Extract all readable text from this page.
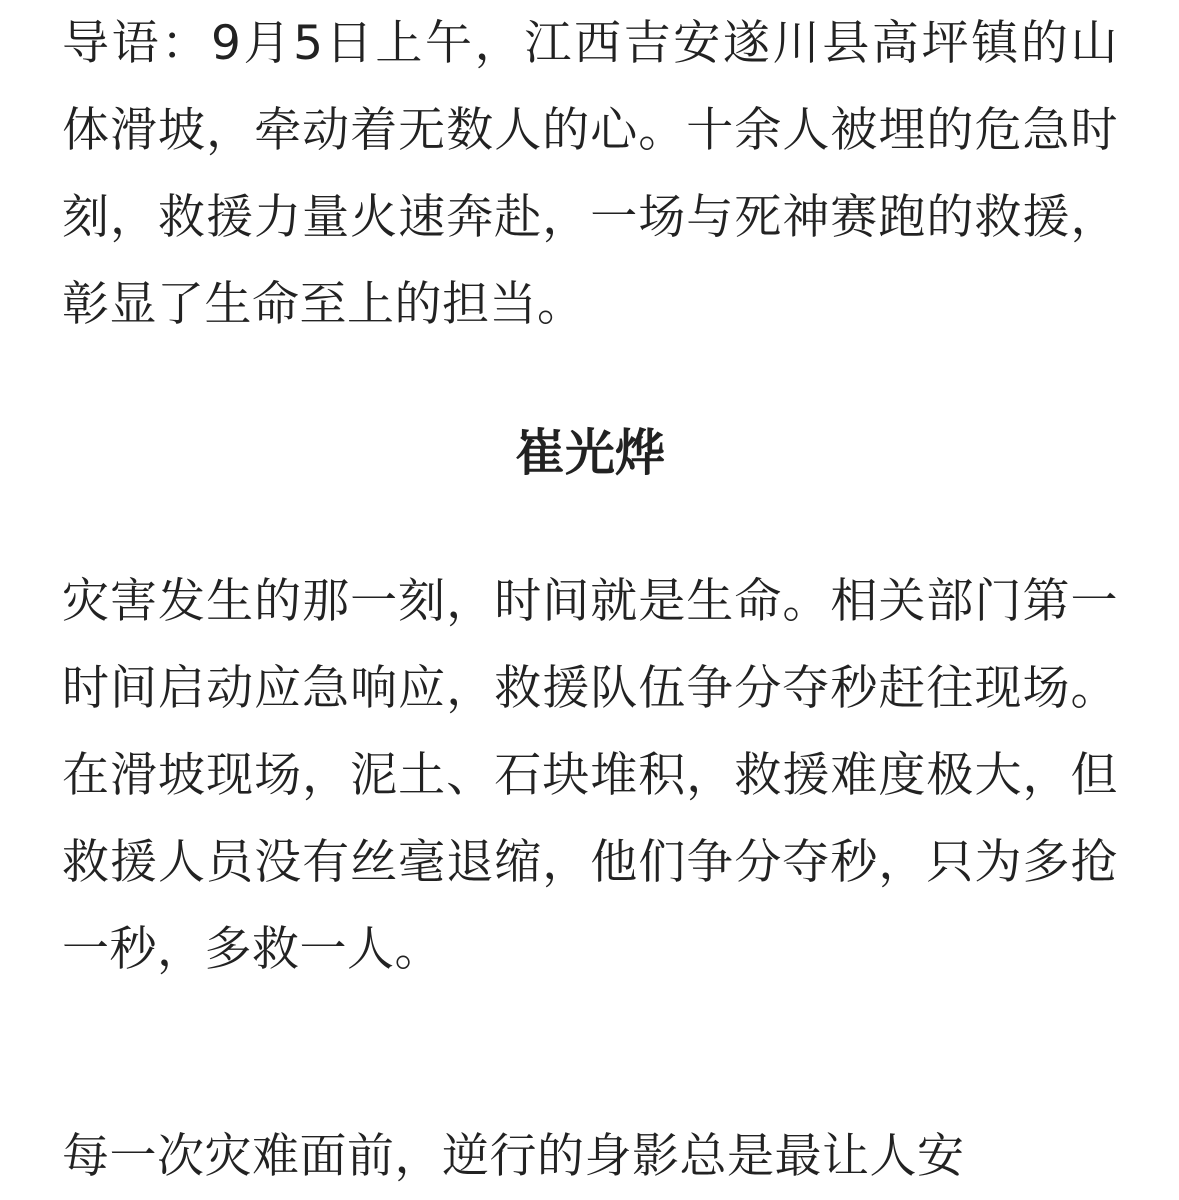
导语：9月5日上午，江西吉安遂川县高坪镇的山体滑坡，牵动着无数人的心。十余人被埋的危急时刻，救援力量火速奔赴，一场与死神赛跑的救援，彰显了生命至上的担当。

崔光烨

灾害发生的那一刻，时间就是生命。相关部门第一时间启动应急响应，救援队伍争分夺秒赶往现场。在滑坡现场，泥土、石块堆积，救援难度极大，但救援人员没有丝毫退缩，他们争分夺秒，只为多抢一秒，多救一人。

每一次灾难面前，逆行的身影总是最让人安
